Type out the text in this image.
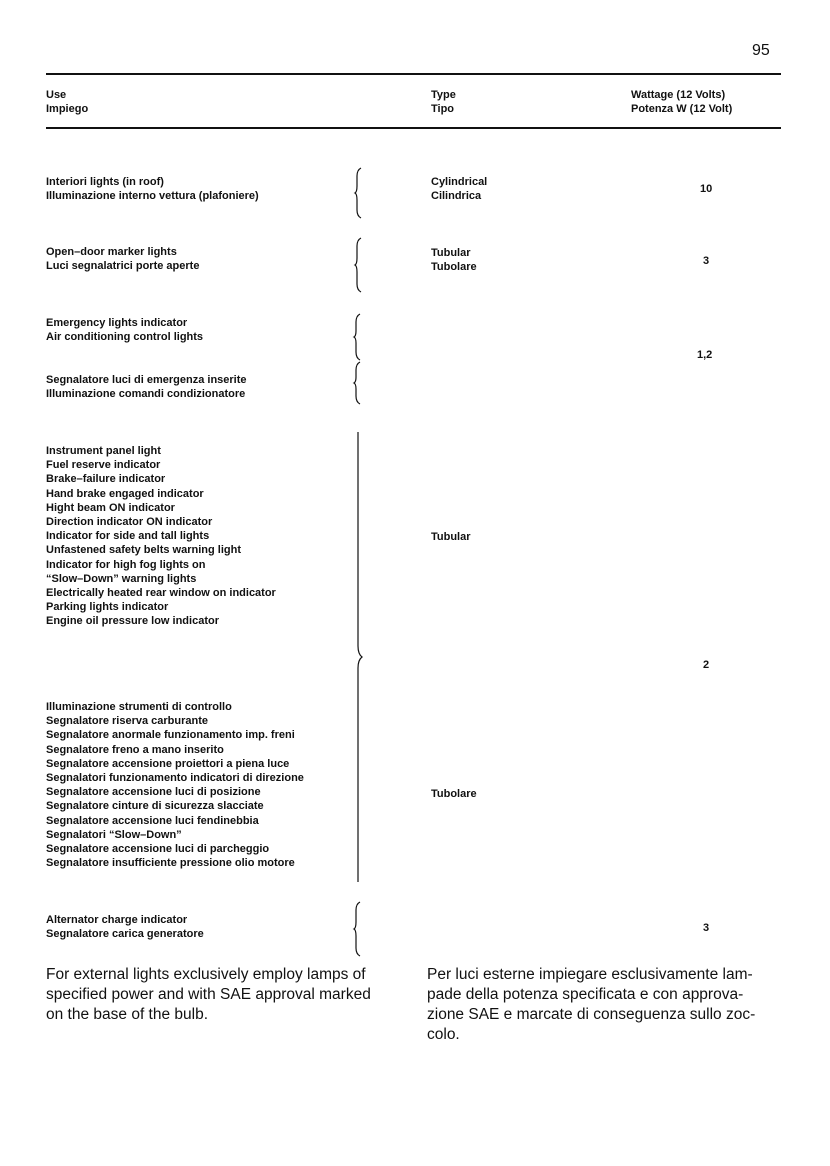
95
Use
Impiego
Type
Tipo
Wattage (12 Volts)
Potenza W (12 Volt)
Interiori lights (in roof)
Illuminazione interno vettura (plafoniere)
Cylindrical
Cilindrica
10
Open–door marker lights
Luci segnalatrici porte aperte
Tubular
Tubolare
3
Emergency lights indicator
Air conditioning control lights
Segnalatore luci di emergenza inserite
Illuminazione comandi condizionatore
1,2
Instrument panel light
Fuel reserve indicator
Brake–failure indicator
Hand brake engaged indicator
Hight beam ON indicator
Direction indicator ON indicator
Indicator for side and tall lights
Unfastened safety belts warning light
Indicator for high fog lights on
“Slow–Down” warning lights
Electrically heated rear window on indicator
Parking lights indicator
Engine oil pressure low indicator
Illuminazione strumenti di controllo
Segnalatore riserva carburante
Segnalatore anormale funzionamento imp. freni
Segnalatore freno a mano inserito
Segnalatore accensione proiettori a piena luce
Segnalatori funzionamento indicatori di direzione
Segnalatore accensione luci di posizione
Segnalatore cinture di sicurezza slacciate
Segnalatore accensione luci fendinebbia
Segnalatori “Slow–Down”
Segnalatore accensione luci di parcheggio
Segnalatore insufficiente pressione olio motore
Tubular
Tubolare
2
Alternator charge indicator
Segnalatore carica generatore
3
For external lights exclusively employ lamps of
specified power and with SAE approval marked
on the base of the bulb.
Per luci esterne impiegare esclusivamente lam-
pade della potenza specificata e con approva-
zione SAE e marcate di conseguenza sullo zoc-
colo.
